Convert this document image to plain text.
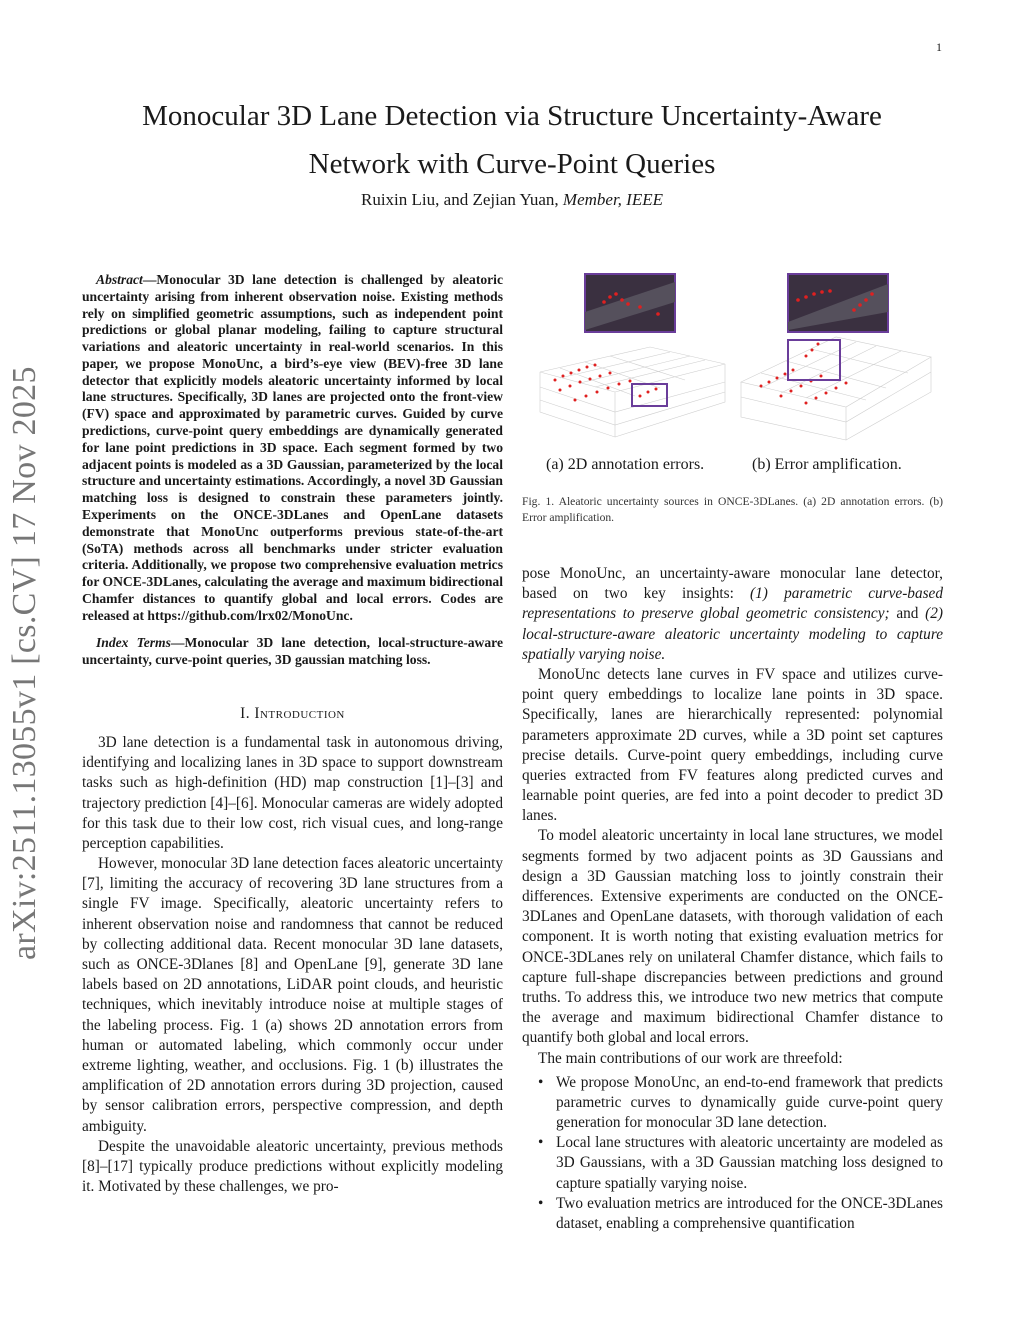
1
arXiv:2511.13055v1 [cs.CV] 17 Nov 2025
Monocular 3D Lane Detection via Structure Uncertainty-Aware
Network with Curve-Point Queries
Ruixin Liu, and Zejian Yuan, Member, IEEE

Abstract—Monocular 3D lane detection is challenged by aleatoric uncertainty arising from inherent observation noise. Existing methods rely on simplified geometric assumptions, such as independent point predictions or global planar modeling, failing to capture structural variations and aleatoric uncertainty in real-world scenarios. In this paper, we propose MonoUnc, a bird’s-eye view (BEV)-free 3D lane detector that explicitly models aleatoric uncertainty informed by local lane structures. Specifically, 3D lanes are projected onto the front-view (FV) space and approximated by parametric curves. Guided by curve predictions, curve-point query embeddings are dynamically generated for lane point predictions in 3D space. Each segment formed by two adjacent points is modeled as a 3D Gaussian, parameterized by the local structure and uncertainty estimations. Accordingly, a novel 3D Gaussian matching loss is designed to constrain these parameters jointly. Experiments on the ONCE-3DLanes and OpenLane datasets demonstrate that MonoUnc outperforms previous state-of-the-art (SoTA) methods across all benchmarks under stricter evaluation criteria. Additionally, we propose two comprehensive evaluation metrics for ONCE-3DLanes, calculating the average and maximum bidirectional Chamfer distances to quantify global and local errors. Codes are released at https://github.com/lrx02/MonoUnc.

Index Terms—Monocular 3D lane detection, local-structure-aware uncertainty, curve-point queries, 3D gaussian matching loss.

I. Introduction

3D lane detection is a fundamental task in autonomous driving, identifying and localizing lanes in 3D space to support downstream tasks such as high-definition (HD) map construction [1]–[3] and trajectory prediction [4]–[6]. Monocular cameras are widely adopted for this task due to their low cost, rich visual cues, and long-range perception capabilities.

However, monocular 3D lane detection faces aleatoric uncertainty [7], limiting the accuracy of recovering 3D lane structures from a single FV image. Specifically, aleatoric uncertainty refers to inherent observation noise and randomness that cannot be reduced by collecting additional data. Recent monocular 3D lane datasets, such as ONCE-3Dlanes [8] and OpenLane [9], generate 3D lane labels based on 2D annotations, LiDAR point clouds, and heuristic techniques, which inevitably introduce noise at multiple stages of the labeling process. Fig. 1 (a) shows 2D annotation errors from human or automated labeling, which commonly occur under extreme lighting, weather, and occlusions. Fig. 1 (b) illustrates the amplification of 2D annotation errors during 3D projection, caused by sensor calibration errors, perspective compression, and depth ambiguity.

Despite the unavoidable aleatoric uncertainty, previous methods [8]–[17] typically produce predictions without explicitly modeling it. Motivated by these challenges, we pro-

(a) 2D annotation errors.	(b) Error amplification.
Fig. 1. Aleatoric uncertainty sources in ONCE-3DLanes. (a) 2D annotation errors. (b) Error amplification.

pose MonoUnc, an uncertainty-aware monocular lane detector, based on two key insights: (1) parametric curve-based representations to preserve global geometric consistency; and (2) local-structure-aware aleatoric uncertainty modeling to capture spatially varying noise.

MonoUnc detects lane curves in FV space and utilizes curve-point query embeddings to localize lane points in 3D space. Specifically, lanes are hierarchically represented: polynomial parameters approximate 2D curves, while a 3D point set captures precise details. Curve-point query embeddings, including curve queries extracted from FV features along predicted curves and learnable point queries, are fed into a point decoder to predict 3D lanes.

To model aleatoric uncertainty in local lane structures, we model segments formed by two adjacent points as 3D Gaussians and design a 3D Gaussian matching loss to jointly constrain their differences. Extensive experiments are conducted on the ONCE-3DLanes and OpenLane datasets, with thorough validation of each component. It is worth noting that existing evaluation metrics for ONCE-3DLanes rely on unilateral Chamfer distance, which fails to capture full-shape discrepancies between predictions and ground truths. To address this, we introduce two new metrics that compute the average and maximum bidirectional Chamfer distance to quantify both global and local errors.

The main contributions of our work are threefold:

• We propose MonoUnc, an end-to-end framework that predicts parametric curves to dynamically guide curve-point query generation for monocular 3D lane detection.
• Local lane structures with aleatoric uncertainty are modeled as 3D Gaussians, with a 3D Gaussian matching loss designed to capture spatially varying noise.
• Two evaluation metrics are introduced for the ONCE-3DLanes dataset, enabling a comprehensive quantification
